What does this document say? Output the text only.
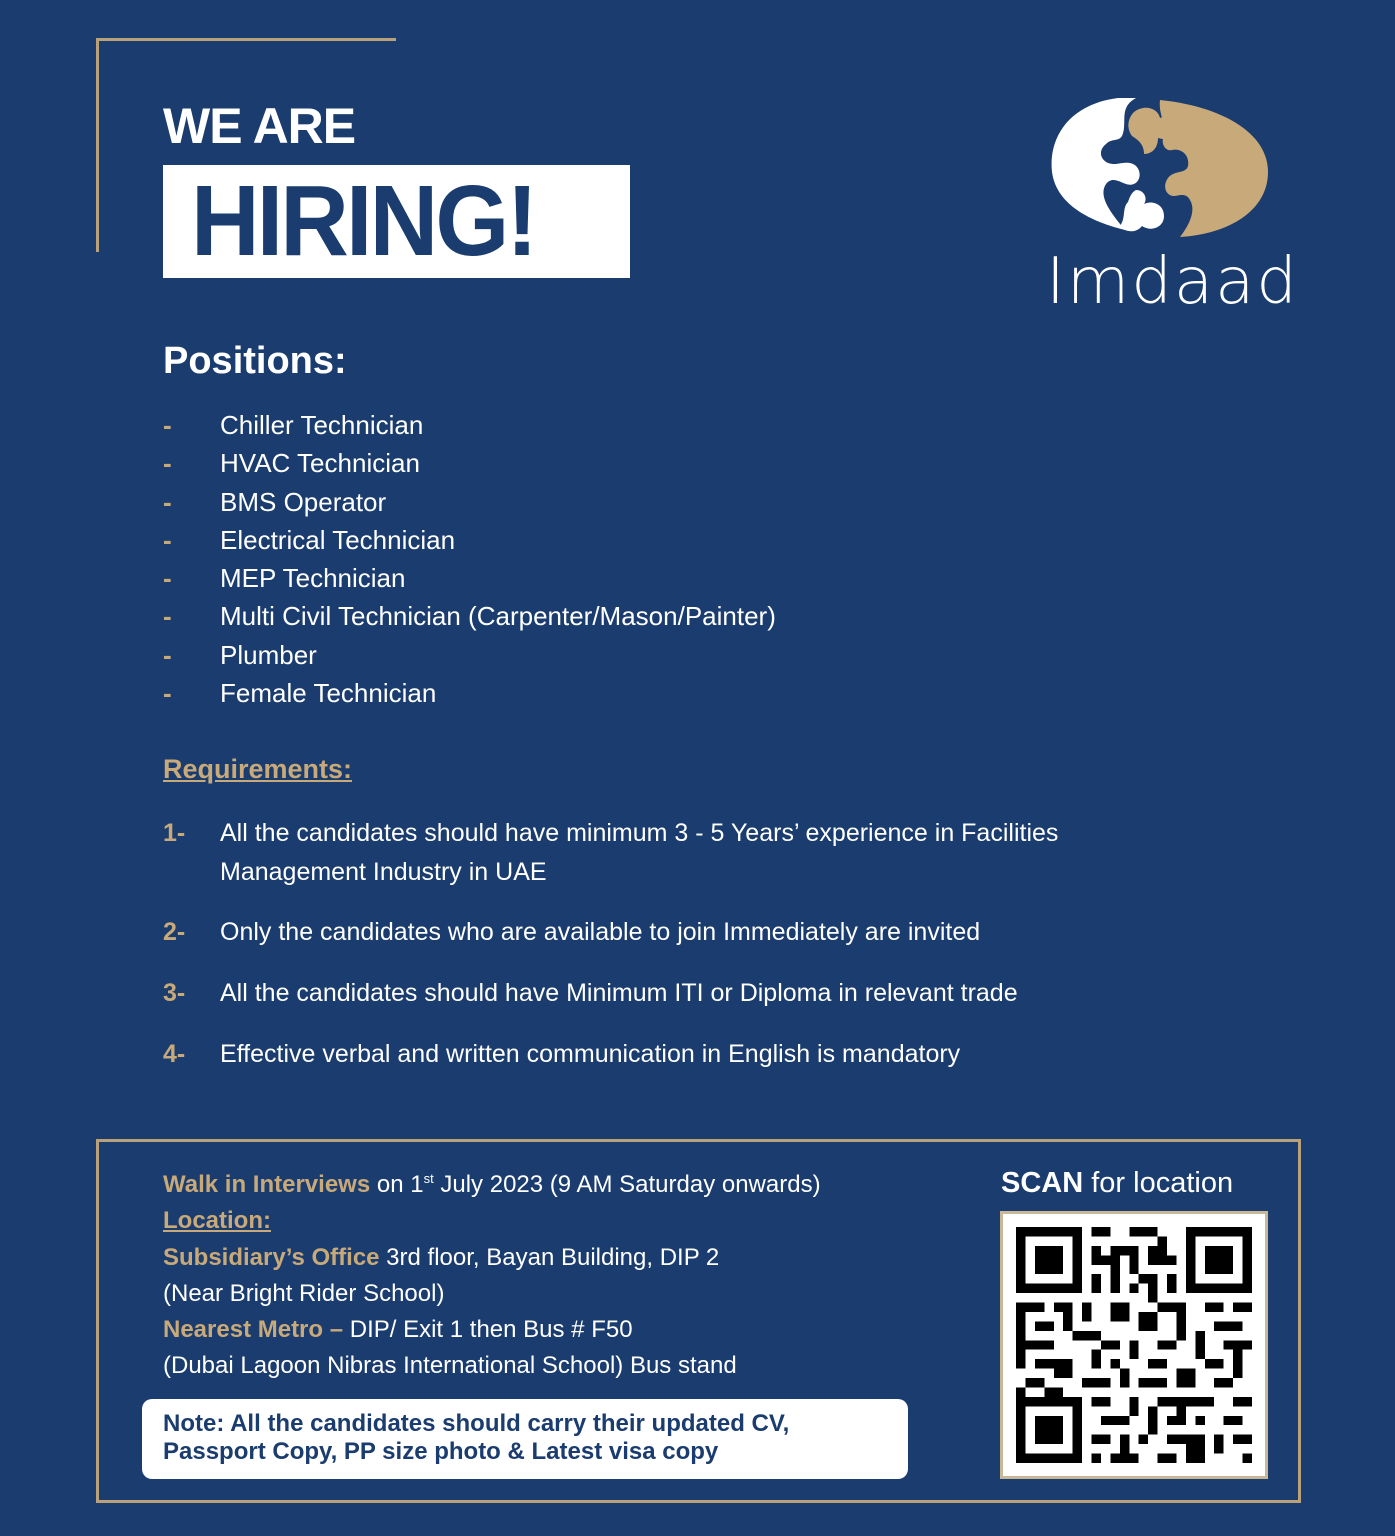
WE ARE
HIRING!
Imdaad
Positions:
-	Chiller Technician
-	HVAC Technician
-	BMS Operator
-	Electrical Technician
-	MEP Technician
-	Multi Civil Technician (Carpenter/Mason/Painter)
-	Plumber
-	Female Technician
Requirements:
1-	All the candidates should have minimum 3 - 5 Years’ experience in Facilities Management Industry in UAE
2-	Only the candidates who are available to join Immediately are invited
3-	All the candidates should have Minimum ITI or Diploma in relevant trade
4-	Effective verbal and written communication in English is mandatory
Walk in Interviews on 1st July 2023 (9 AM Saturday onwards)
Location:
Subsidiary’s Office 3rd floor, Bayan Building, DIP 2
(Near Bright Rider School)
Nearest Metro – DIP/ Exit 1 then Bus # F50
(Dubai Lagoon Nibras International School) Bus stand
Note: All the candidates should carry their updated CV, Passport Copy, PP size photo & Latest visa copy
SCAN for location
